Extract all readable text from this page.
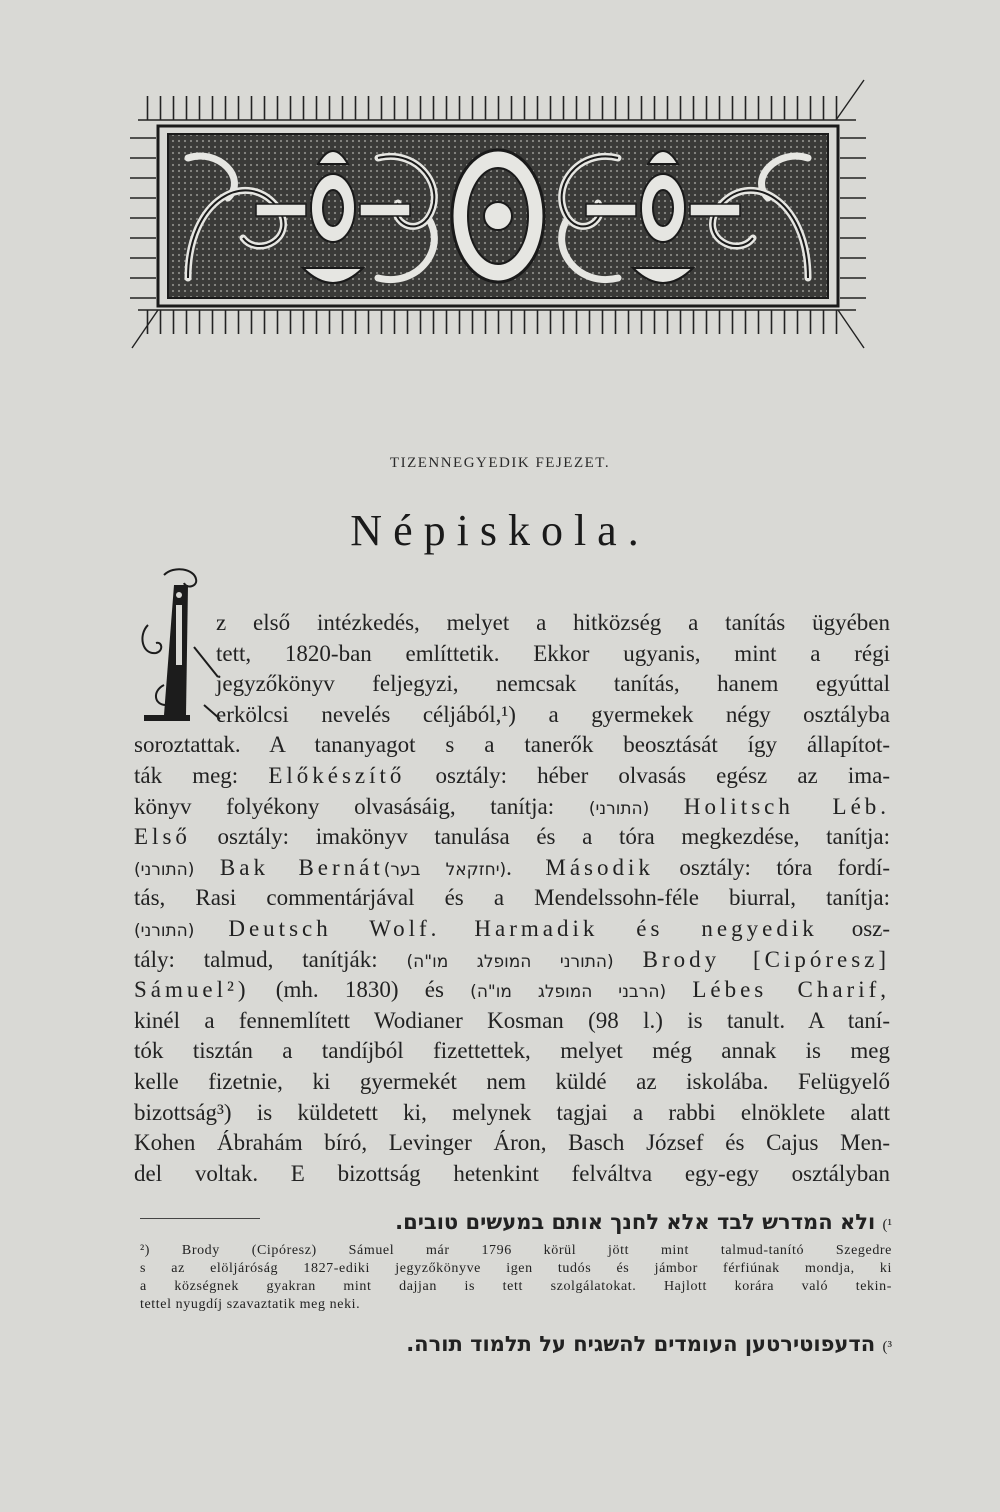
TIZENNEGYEDIK FEJEZET.
Népiskola.
A
z első intézkedés, melyet a hitközség a tanítás ügyében
tett, 1820-ban említtetik. Ekkor ugyanis, mint a régi
jegyzőkönyv feljegyzi, nemcsak tanítás, hanem egyúttal
erkölcsi nevelés céljából,¹) a gyermekek négy osztályba
soroztattak. A tananyagot s a tanerők beosztását így állapítot-
ták meg: Előkészítő osztály: héber olvasás egész az ima-
könyv folyékony olvasásáig, tanítja: (התורני) Holitsch Léb.
Első osztály: imakönyv tanulása és a tóra megkezdése, tanítja:
(התורני) Bak Bernát(יחזקאל בער). Második osztály: tóra fordí-
tás, Rasi commentárjával és a Mendelssohn-féle biurral, tanítja:
(התורני) Deutsch Wolf. Harmadik és negyedik osz-
tály: talmud, tanítják: (התורני המופלג מו"ה) Brody [Cipóresz]
Sámuel²) (mh. 1830) és (הרבני המופלג מו"ה) Lébes Charif,
kinél a fennemlített Wodianer Kosman (98 l.) is tanult. A taní-
tók tisztán a tandíjból fizettettek, melyet még annak is meg
kelle fizetnie, ki gyermekét nem küldé az iskolába. Felügyelő
bizottság³) is küldetett ki, melynek tagjai a rabbi elnöklete alatt
Kohen Ábrahám bíró, Levinger Áron, Basch József és Cajus Men-
del voltak. E bizottság hetenkint felváltva egy-egy osztályban
¹) ולא המדרש לבד אלא לחנך אותם במעשים טובים.
²) Brody (Cipóresz) Sámuel már 1796 körül jött mint talmud-tanító Szegedre
s az elöljáróság 1827-ediki jegyzőkönyve igen tudós és jámbor férfiúnak mondja, ki
a községnek gyakran mint dajjan is tett szolgálatokat. Hajlott korára való tekin-
tettel nyugdíj szavaztatik meg neki.
³) הדעפוטירטען העומדים להשגיח על תלמוד תורה.
